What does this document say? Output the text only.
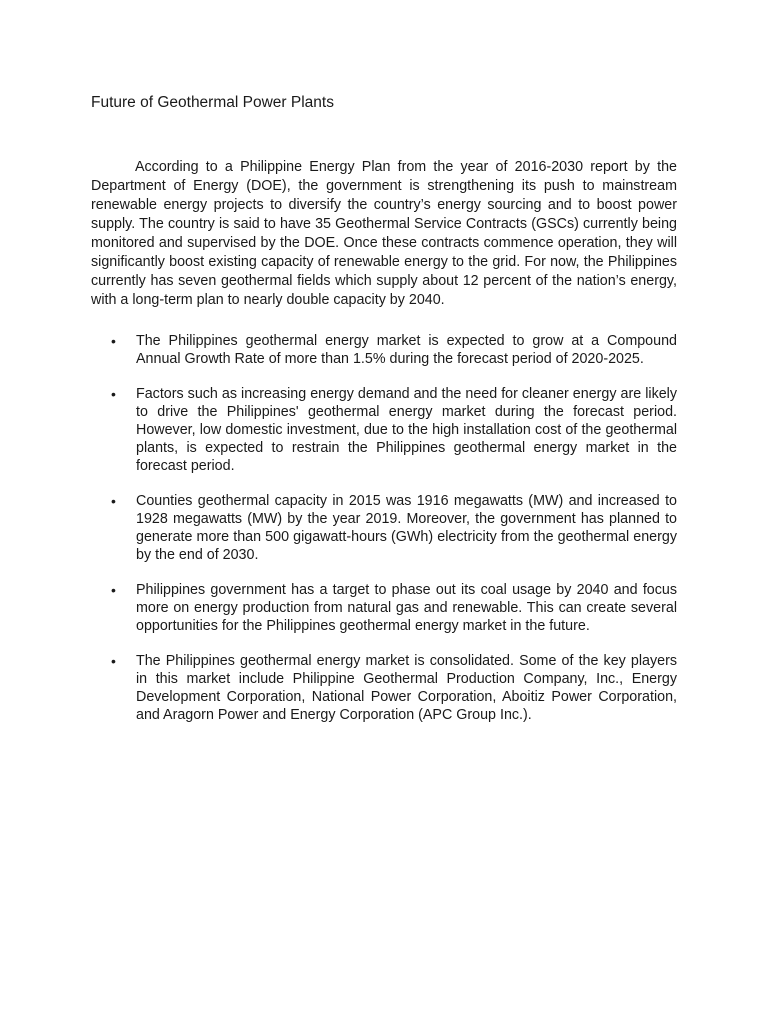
Future of Geothermal Power Plants

According to a Philippine Energy Plan from the year of 2016-2030 report by the Department of Energy (DOE), the government is strengthening its push to mainstream renewable energy projects to diversify the country’s energy sourcing and to boost power supply. The country is said to have 35 Geothermal Service Contracts (GSCs) currently being monitored and supervised by the DOE. Once these contracts commence operation, they will significantly boost existing capacity of renewable energy to the grid. For now, the Philippines currently has seven geothermal fields which supply about 12 percent of the nation’s energy, with a long-term plan to nearly double capacity by 2040.

•	The Philippines geothermal energy market is expected to grow at a Compound Annual Growth Rate of more than 1.5% during the forecast period of 2020-2025.
•	Factors such as increasing energy demand and the need for cleaner energy are likely to drive the Philippines' geothermal energy market during the forecast period. However, low domestic investment, due to the high installation cost of the geothermal plants, is expected to restrain the Philippines geothermal energy market in the forecast period.
•	Counties geothermal capacity in 2015 was 1916 megawatts (MW) and increased to 1928 megawatts (MW) by the year 2019. Moreover, the government has planned to generate more than 500 gigawatt-hours (GWh) electricity from the geothermal energy by the end of 2030.
•	Philippines government has a target to phase out its coal usage by 2040 and focus more on energy production from natural gas and renewable. This can create several opportunities for the Philippines geothermal energy market in the future.
•	The Philippines geothermal energy market is consolidated. Some of the key players in this market include Philippine Geothermal Production Company, Inc., Energy Development Corporation, National Power Corporation, Aboitiz Power Corporation, and Aragorn Power and Energy Corporation (APC Group Inc.).
